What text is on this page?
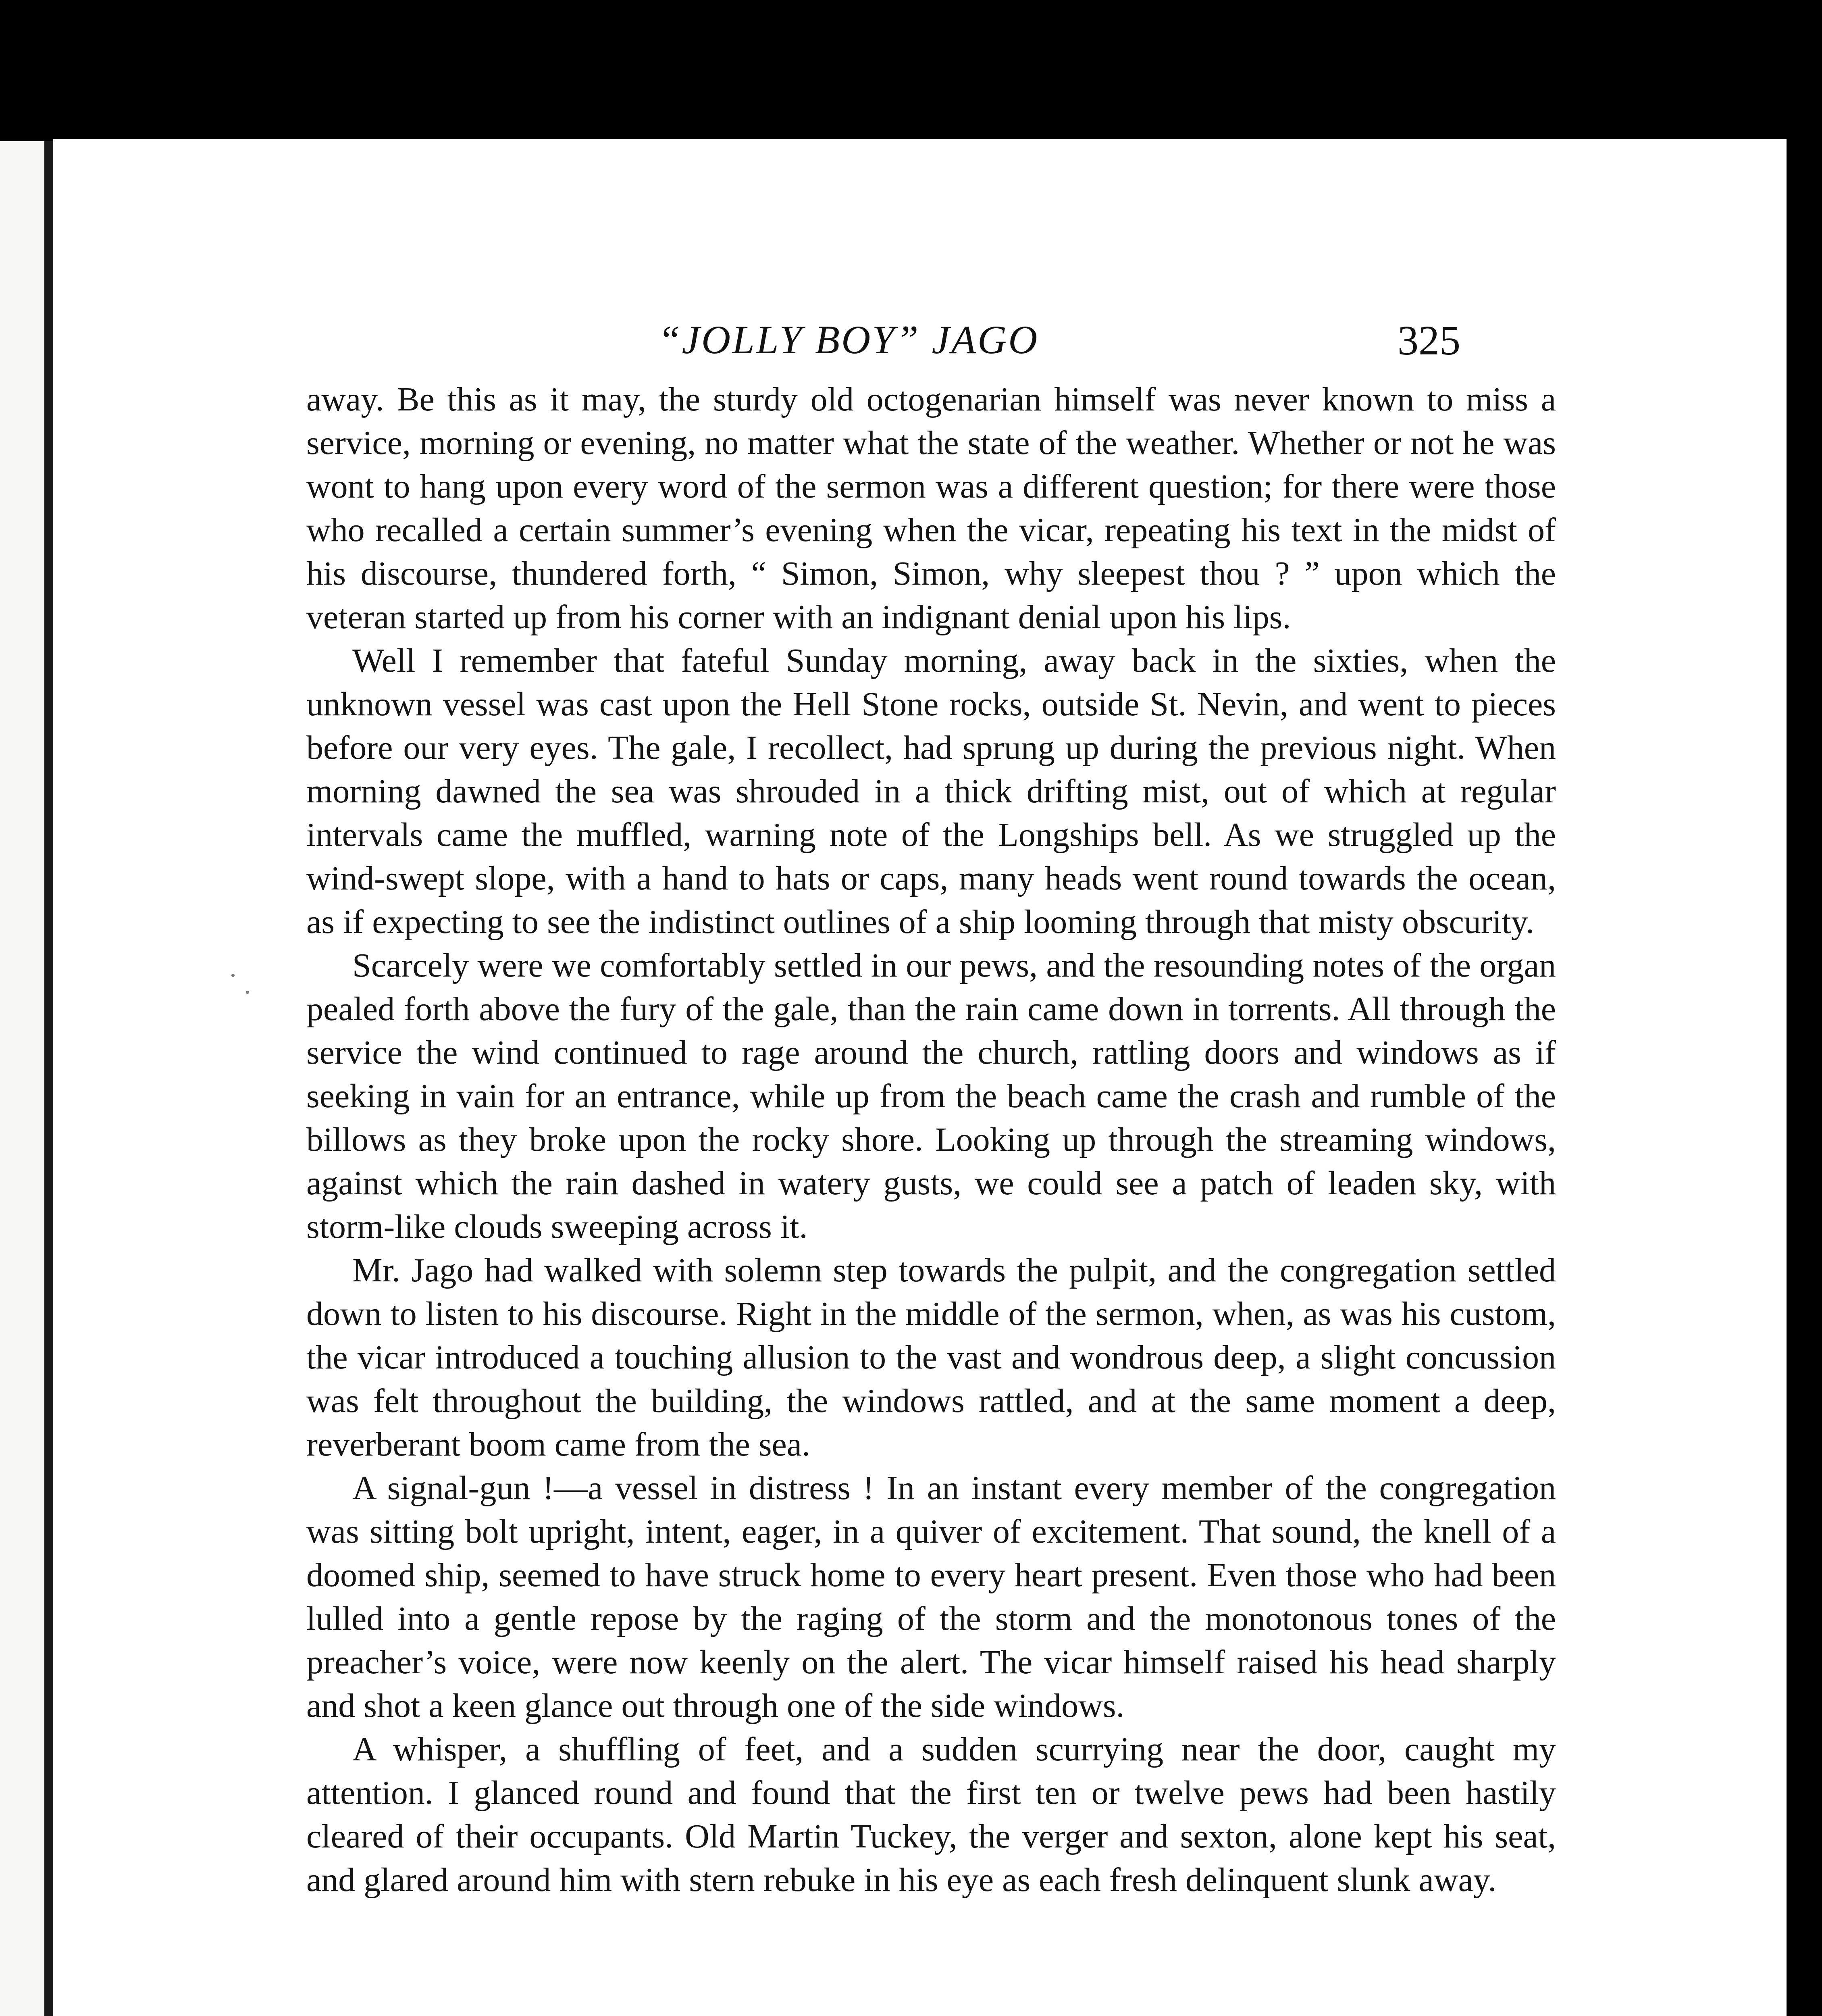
“JOLLY BOY” JAGO	325

away. Be this as it may, the sturdy old octogenarian himself was never known to miss a service, morning or evening, no matter what the state of the weather. Whether or not he was wont to hang upon every word of the sermon was a different question; for there were those who recalled a certain summer’s evening when the vicar, repeating his text in the midst of his discourse, thundered forth, “ Simon, Simon, why sleepest thou ? ” upon which the veteran started up from his corner with an indignant denial upon his lips.

Well I remember that fateful Sunday morning, away back in the sixties, when the unknown vessel was cast upon the Hell Stone rocks, outside St. Nevin, and went to pieces before our very eyes. The gale, I recollect, had sprung up during the previous night. When morning dawned the sea was shrouded in a thick drifting mist, out of which at regular intervals came the muffled, warning note of the Longships bell. As we struggled up the wind-swept slope, with a hand to hats or caps, many heads went round towards the ocean, as if expecting to see the indistinct outlines of a ship looming through that misty obscurity.

Scarcely were we comfortably settled in our pews, and the resounding notes of the organ pealed forth above the fury of the gale, than the rain came down in torrents. All through the service the wind continued to rage around the church, rattling doors and windows as if seeking in vain for an entrance, while up from the beach came the crash and rumble of the billows as they broke upon the rocky shore. Looking up through the streaming windows, against which the rain dashed in watery gusts, we could see a patch of leaden sky, with storm-like clouds sweeping across it.

Mr. Jago had walked with solemn step towards the pulpit, and the congregation settled down to listen to his discourse. Right in the middle of the sermon, when, as was his custom, the vicar introduced a touching allusion to the vast and wondrous deep, a slight concussion was felt throughout the building, the windows rattled, and at the same moment a deep, reverberant boom came from the sea.

A signal-gun !—a vessel in distress ! In an instant every member of the congregation was sitting bolt upright, intent, eager, in a quiver of excitement. That sound, the knell of a doomed ship, seemed to have struck home to every heart present. Even those who had been lulled into a gentle repose by the raging of the storm and the monotonous tones of the preacher’s voice, were now keenly on the alert. The vicar himself raised his head sharply and shot a keen glance out through one of the side windows.

A whisper, a shuffling of feet, and a sudden scurrying near the door, caught my attention. I glanced round and found that the first ten or twelve pews had been hastily cleared of their occupants. Old Martin Tuckey, the verger and sexton, alone kept his seat, and glared around him with stern rebuke in his eye as each fresh delinquent slunk away.
